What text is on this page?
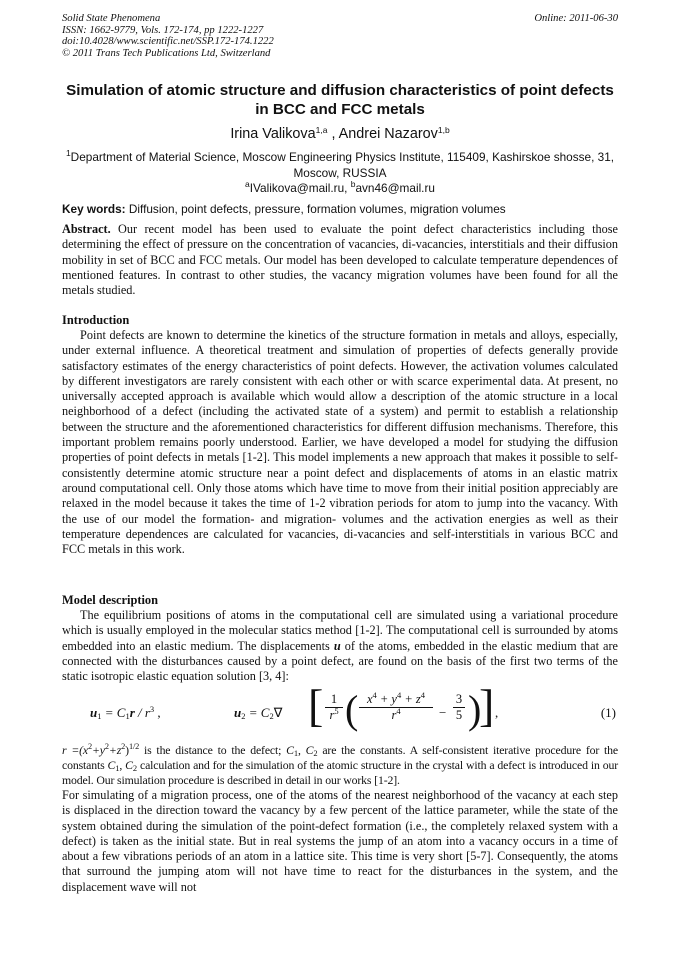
Solid State Phenomena
ISSN: 1662-9779, Vols. 172-174, pp 1222-1227
doi:10.4028/www.scientific.net/SSP.172-174.1222
© 2011 Trans Tech Publications Ltd, Switzerland
Online: 2011-06-30
Simulation of atomic structure and diffusion characteristics of point defects in BCC and FCC metals
Irina Valikova$^{1,a}$ , Andrei Nazarov$^{1,b}$
$^1$Department of Material Science, Moscow Engineering Physics Institute, 115409, Kashirskoe shosse, 31, Moscow, RUSSIA
$^a$IValikova@mail.ru, $^b$avn46@mail.ru
Key words: Diffusion, point defects, pressure, formation volumes, migration volumes
Abstract. Our recent model has been used to evaluate the point defect characteristics including those determining the effect of pressure on the concentration of vacancies, di-vacancies, interstitials and their diffusion mobility in set of BCC and FCC metals. Our model has been developed to calculate temperature dependences of mentioned features. In contrast to other studies, the vacancy migration volumes have been found for all the metals studied.
Introduction
Point defects are known to determine the kinetics of the structure formation in metals and alloys, especially, under external influence. A theoretical treatment and simulation of properties of defects generally provide satisfactory estimates of the energy characteristics of point defects. However, the activation volumes calculated by different investigators are rarely consistent with each other or with scarce experimental data. At present, no universally accepted approach is available which would allow a description of the atomic structure in a local neighborhood of a defect (including the activated state of a system) and permit to establish a relationship between the structure and the aforementioned characteristics for different diffusion mechanisms. Therefore, this important problem remains poorly understood. Earlier, we have developed a model for studying the diffusion properties of point defects in metals [1-2]. This model implements a new approach that makes it possible to self-consistently determine atomic structure near a point defect and displacements of atoms in an elastic matrix around computational cell. Only those atoms which have time to move from their initial position appreciably are relaxed in the model because it takes the time of 1-2 vibration periods for atom to jump into the vacancy. With the use of our model the formation- and migration- volumes and the activation energies as well as their temperature dependences are calculated for vacancies, di-vacancies and self-interstitials in various BCC and FCC metals in this work.
Model description
The equilibrium positions of atoms in the computational cell are simulated using a variational procedure which is usually employed in the molecular statics method [1-2]. The computational cell is surrounded by atoms embedded into an elastic medium. The displacements u of the atoms, embedded in the elastic medium that are connected with the disturbances caused by a point defect, are found on the basis of the first two terms of the static isotropic elastic equation solution [3, 4]:
$u_1 = C_1r / r^3$ ,	$u_2 = C_2\nabla$ [ $\frac{1}{r^5}$ ( $\frac{x^4 + y^4 + z^4}{r^4} - \frac{3}{5}$ )
] ,	(1)
$r =(x^2+y^2+z^2)^{1/2}$ is the distance to the defect; $C_1$, $C_2$ are the constants. A self-consistent iterative procedure for the constants $C_1$, $C_2$ calculation and for the simulation of the atomic structure in the crystal with a defect is introduced in our model. Our simulation procedure is described in detail in our works [1-2].
For simulating of a migration process, one of the atoms of the nearest neighborhood of the vacancy at each step is displaced in the direction toward the vacancy by a few percent of the lattice parameter, while the state of the system obtained during the simulation of the point-defect formation (i.e., the completely relaxed system with a defect) is taken as the initial state. But in real systems the jump of an atom into a vacancy occurs in a time of about a few vibrations periods of an atom in a lattice site. This time is very short [5-7]. Consequently, the atoms that surround the jumping atom will not have time to react for the disturbances in the system, and the displacement wave will not
